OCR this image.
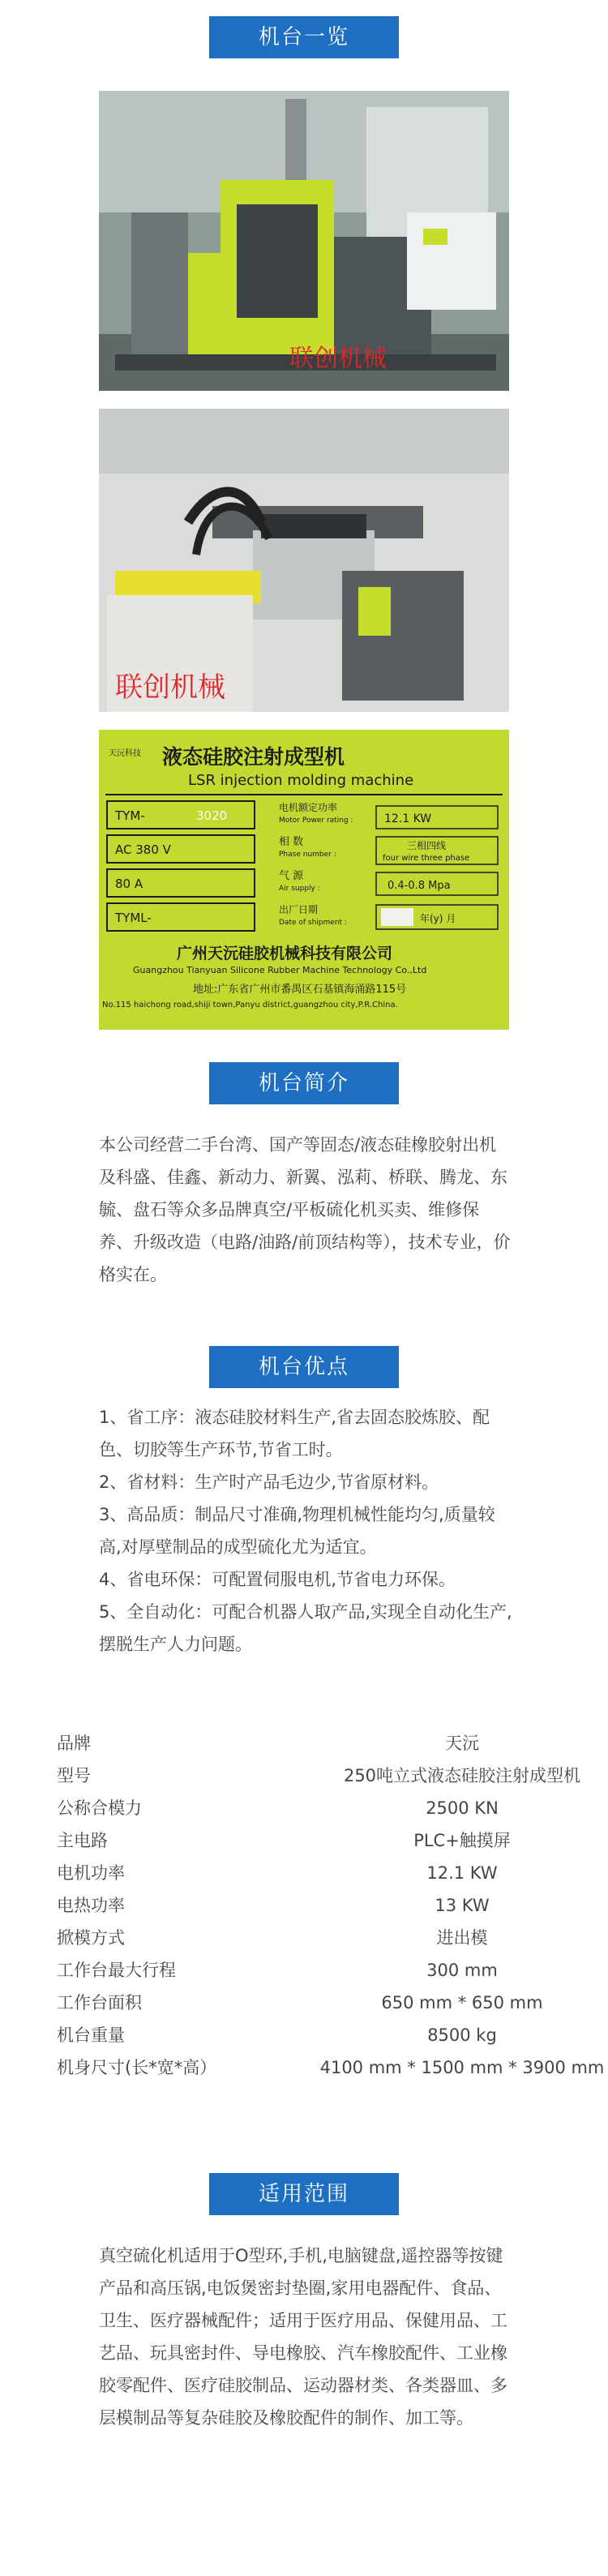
机台一览
联创机械
联创机械
天沅科技 液态硅胶注射成型机
LSR injection molding machine
TYM-	3020
AC 380 V
80 A
TYML-
电机额定功率
Motor Power rating :	12.1 KW
相 数
Phase number :
三相四线
four wire three phase
气 源
Air supply :	0.4-0.8 Mpa
出厂日期
Date of shipment :	年(y) 月
广州天沅硅胶机械科技有限公司
Guangzhou Tianyuan Silicone Rubber Machine Technology Co.,Ltd
地址:广东省广州市番禺区石基镇海涌路115号
No.115 haichong road,shiji town,Panyu district,guangzhou city,P.R.China.
机台简介

本公司经营二手台湾、国产等固态/液态硅橡胶射出机及科盛、佳鑫、新动力、新翼、泓莉、桥联、腾龙、东毓、盘石等众多品牌真空/平板硫化机买卖、维修保养、升级改造（电路/油路/前顶结构等），技术专业，价格实在。

机台优点

1、省工序：液态硅胶材料生产,省去固态胶炼胶、配色、切胶等生产环节,节省工时。

2、省材料：生产时产品毛边少,节省原材料。

3、高品质：制品尺寸准确,物理机械性能均匀,质量较高,对厚壁制品的成型硫化尤为适宜。

4、省电环保：可配置伺服电机,节省电力环保。

5、全自动化：可配合机器人取产品,实现全自动化生产,摆脱生产人力问题。

品牌	天沅
型号	250吨立式液态硅胶注射成型机
公称合模力	2500 KN
主电路	PLC+触摸屏
电机功率	12.1 KW
电热功率	13 KW
掀模方式	进出模
工作台最大行程	300 mm
工作台面积	650 mm * 650 mm
机台重量	8500 kg
机身尺寸(长*宽*高）	4100 mm * 1500 mm * 3900 mm
适用范围

真空硫化机适用于O型环,手机,电脑键盘,遥控器等按键产品和高压锅,电饭煲密封垫圈,家用电器配件、食品、卫生、医疗器械配件；适用于医疗用品、保健用品、工艺品、玩具密封件、导电橡胶、汽车橡胶配件、工业橡胶零配件、医疗硅胶制品、运动器材类、各类器皿、多层模制品等复杂硅胶及橡胶配件的制作、加工等。
